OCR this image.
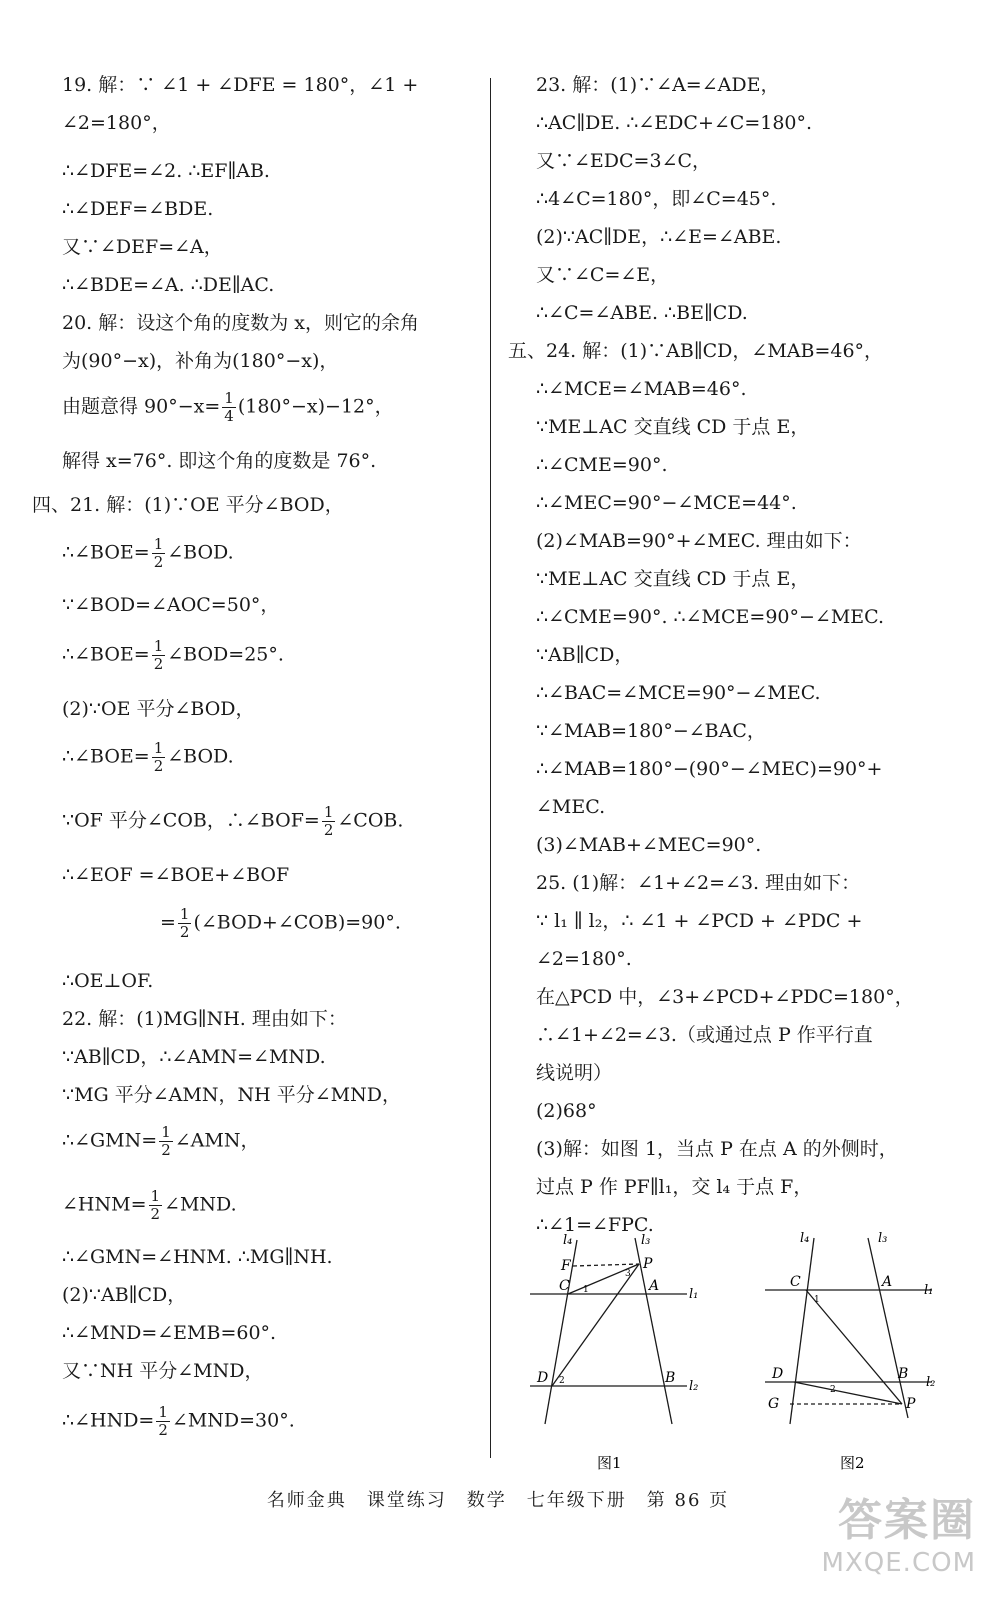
19. 解：∵ ∠1 + ∠DFE = 180°，∠1 +
∠2=180°，
∴∠DFE=∠2. ∴EF∥AB.
∴∠DEF=∠BDE.
又∵∠DEF=∠A，
∴∠BDE=∠A. ∴DE∥AC.
20. 解：设这个角的度数为 x，则它的余角
为(90°−x)，补角为(180°−x)，
由题意得 $90^\circ-x= \frac{1}{4} (180^\circ-x)-12^\circ$，
解得 x=76°. 即这个角的度数是 76°.
四、21. 解：(1)∵OE 平分∠BOD，
∴∠BOE= $\frac{1}{2}$ ∠BOD.
∵∠BOD=∠AOC=50°，
∴∠BOE= $\frac{1}{2}$ ∠BOD=25°.
(2)∵OE 平分∠BOD，
∴∠BOE= $\frac{1}{2}$ ∠BOD.
∵OF 平分∠COB，∴∠BOF= $\frac{1}{2}$ ∠COB.
∴∠EOF =∠BOE+∠BOF
= $\frac{1}{2}$ (∠BOD+∠COB)=90°.
∴OE⊥OF.
22. 解：(1)MG∥NH. 理由如下：
∵AB∥CD，∴∠AMN=∠MND.
∵MG 平分∠AMN，NH 平分∠MND，
∴∠GMN= $\frac{1}{2}$ ∠AMN，
∠HNM= $\frac{1}{2}$ ∠MND.
∴∠GMN=∠HNM. ∴MG∥NH.
(2)∵AB∥CD，
∴∠MND=∠EMB=60°.
又∵NH 平分∠MND，
∴∠HND= $\frac{1}{2}$ ∠MND=30°.
23. 解：(1)∵∠A=∠ADE，
∴AC∥DE. ∴∠EDC+∠C=180°.
又∵∠EDC=3∠C，
∴4∠C=180°，即∠C=45°.
(2)∵AC∥DE，∴∠E=∠ABE.
又∵∠C=∠E，
∴∠C=∠ABE. ∴BE∥CD.
五、24. 解：(1)∵AB∥CD，∠MAB=46°，
∴∠MCE=∠MAB=46°.
∵ME⊥AC 交直线 CD 于点 E，
∴∠CME=90°.
∴∠MEC=90°−∠MCE=44°.
(2)∠MAB=90°+∠MEC. 理由如下：
∵ME⊥AC 交直线 CD 于点 E，
∴∠CME=90°. ∴∠MCE=90°−∠MEC.
∵AB∥CD，
∴∠BAC=∠MCE=90°−∠MEC.
∵∠MAB=180°−∠BAC，
∴∠MAB=180°−(90°−∠MEC)=90°+
∠MEC.
(3)∠MAB+∠MEC=90°.
25. (1)解：∠1+∠2=∠3. 理由如下：
∵ l₁ ∥ l₂，∴ ∠1 + ∠PCD + ∠PDC +
∠2=180°.
在△PCD 中，∠3+∠PCD+∠PDC=180°，
∴∠1+∠2=∠3.（或通过点 P 作平行直
线说明）
(2)68°
(3)解：如图 1，当点 P 在点 A 的外侧时，
过点 P 作 PF∥l₁，交 l₄ 于点 F，
∴∠1=∠FPC.
l₄	l₃
l₁
l₂
F
C
P
A
D	B
1
2
3
图1
l₄	l₃
l₁
l₂
C	A
D	B
G	P
1
2
图2
名师金典　课堂练习　数学　七年级下册　第 86 页	答案圈
MXQE.COM
